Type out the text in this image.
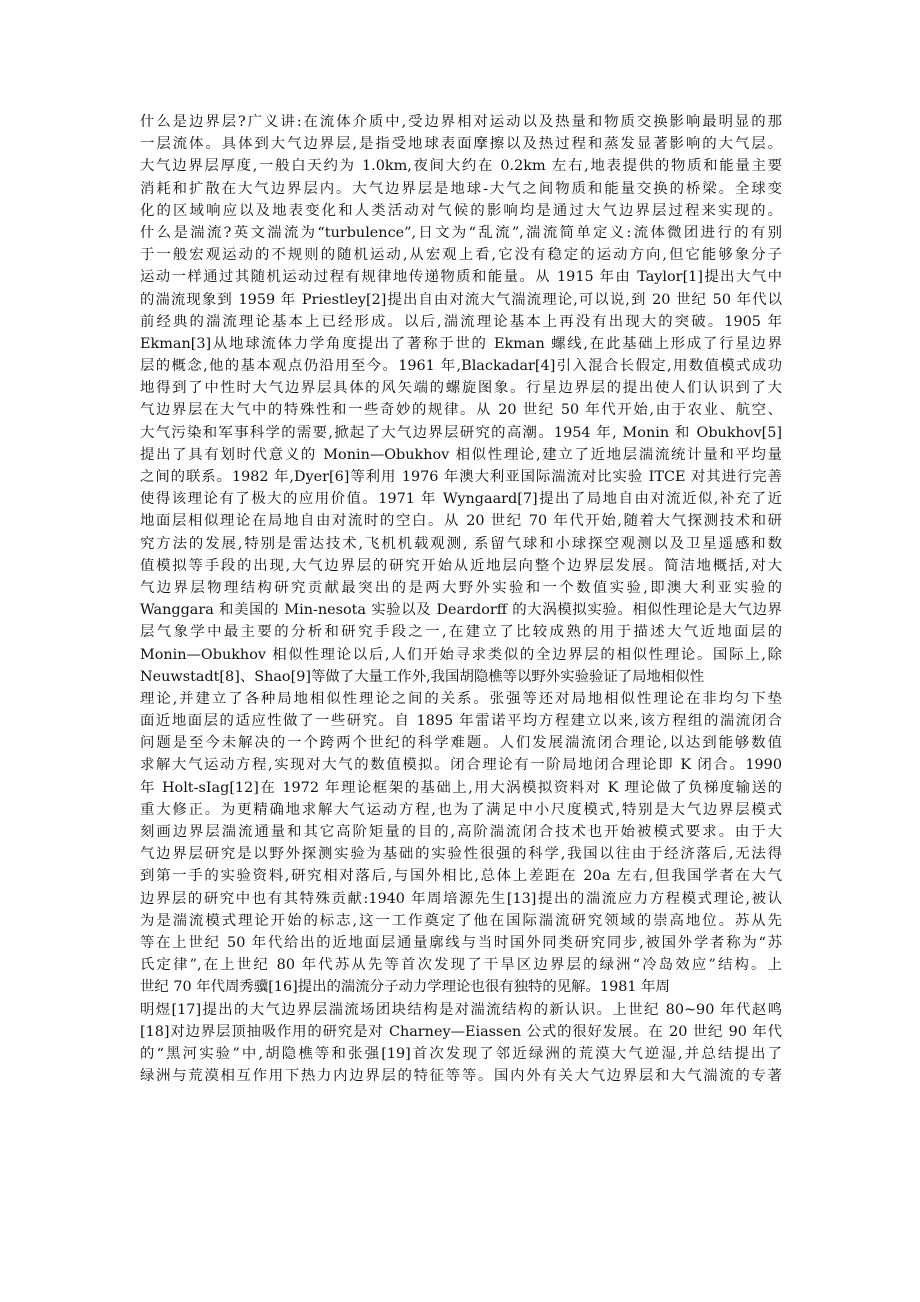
什么是边界层?广义讲:在流体介质中,受边界相对运动以及热量和物质交换影响最明显的那
一层流体。具体到大气边界层,是指受地球表面摩擦以及热过程和蒸发显著影响的大气层。
大气边界层厚度,一般白天约为 1.0km,夜间大约在 0.2km 左右,地表提供的物质和能量主要
消耗和扩散在大气边界层内。大气边界层是地球-大气之间物质和能量交换的桥梁。全球变
化的区域响应以及地表变化和人类活动对气候的影响均是通过大气边界层过程来实现的。
什么是湍流?英文湍流为“turbulence”,日文为“乱流”,湍流简单定义:流体微团进行的有别
于一般宏观运动的不规则的随机运动,从宏观上看,它没有稳定的运动方向,但它能够象分子
运动一样通过其随机运动过程有规律地传递物质和能量。从 1915 年由 Taylor[1]提出大气中
的湍流现象到 1959 年 Priestley[2]提出自由对流大气湍流理论,可以说,到 20 世纪 50 年代以
前经典的湍流理论基本上已经形成。以后,湍流理论基本上再没有出现大的突破。1905 年
Ekman[3]从地球流体力学角度提出了著称于世的 Ekman 螺线,在此基础上形成了行星边界
层的概念,他的基本观点仍沿用至今。1961 年,Blackadar[4]引入混合长假定,用数值模式成功
地得到了中性时大气边界层具体的风矢端的螺旋图象。行星边界层的提出使人们认识到了大
气边界层在大气中的特殊性和一些奇妙的规律。从 20 世纪 50 年代开始,由于农业、航空、
大气污染和军事科学的需要,掀起了大气边界层研究的高潮。1954 年, Monin 和 Obukhov[5]
提出了具有划时代意义的 Monin—Obukhov 相似性理论,建立了近地层湍流统计量和平均量
之间的联系。1982 年,Dyer[6]等利用 1976 年澳大利亚国际湍流对比实验 ITCE 对其进行完善
使得该理论有了极大的应用价值。1971 年 Wyngaard[7]提出了局地自由对流近似,补充了近
地面层相似理论在局地自由对流时的空白。从 20 世纪 70 年代开始,随着大气探测技术和研
究方法的发展,特别是雷达技术,飞机机载观测, 系留气球和小球探空观测以及卫星遥感和数
值模拟等手段的出现,大气边界层的研究开始从近地层向整个边界层发展。简洁地概括,对大
气边界层物理结构研究贡献最突出的是两大野外实验和一个数值实验,即澳大利亚实验的
Wanggara 和美国的 Min-nesota 实验以及 Deardorff 的大涡模拟实验。相似性理论是大气边界
层气象学中最主要的分析和研究手段之一,在建立了比较成熟的用于描述大气近地面层的
Monin—Obukhov 相似性理论以后,人们开始寻求类似的全边界层的相似性理论。国际上,除
Neuwstadt[8]、Shao[9]等做了大量工作外,我国胡隐樵等以野外实验验证了局地相似性
理论,并建立了各种局地相似性理论之间的关系。张强等还对局地相似性理论在非均匀下垫
面近地面层的适应性做了一些研究。自 1895 年雷诺平均方程建立以来,该方程组的湍流闭合
问题是至今未解决的一个跨两个世纪的科学难题。人们发展湍流闭合理论,以达到能够数值
求解大气运动方程,实现对大气的数值模拟。闭合理论有一阶局地闭合理论即 K 闭合。1990
年 Holt-sIag[12]在 1972 年理论框架的基础上,用大涡模拟资料对 K 理论做了负梯度输送的
重大修正。为更精确地求解大气运动方程,也为了满足中小尺度模式,特别是大气边界层模式
刻画边界层湍流通量和其它高阶矩量的目的,高阶湍流闭合技术也开始被模式要求。由于大
气边界层研究是以野外探测实验为基础的实验性很强的科学,我国以往由于经济落后,无法得
到第一手的实验资料,研究相对落后,与国外相比,总体上差距在 20a 左右,但我国学者在大气
边界层的研究中也有其特殊贡献:1940 年周培源先生[13]提出的湍流应力方程模式理论,被认
为是湍流模式理论开始的标志,这一工作奠定了他在国际湍流研究领域的崇高地位。苏从先
等在上世纪 50 年代给出的近地面层通量廓线与当时国外同类研究同步,被国外学者称为“苏
氏定律”,在上世纪 80 年代苏从先等首次发现了干旱区边界层的绿洲“冷岛效应”结构。上
世纪 70 年代周秀骥[16]提出的湍流分子动力学理论也很有独特的见解。1981 年周
明煜[17]提出的大气边界层湍流场团块结构是对湍流结构的新认识。上世纪 80~90 年代赵鸣
[18]对边界层顶抽吸作用的研究是对 Charney—Eiassen 公式的很好发展。在 20 世纪 90 年代
的“黑河实验”中,胡隐樵等和张强[19]首次发现了邻近绿洲的荒漠大气逆湿,并总结提出了
绿洲与荒漠相互作用下热力内边界层的特征等等。国内外有关大气边界层和大气湍流的专著
